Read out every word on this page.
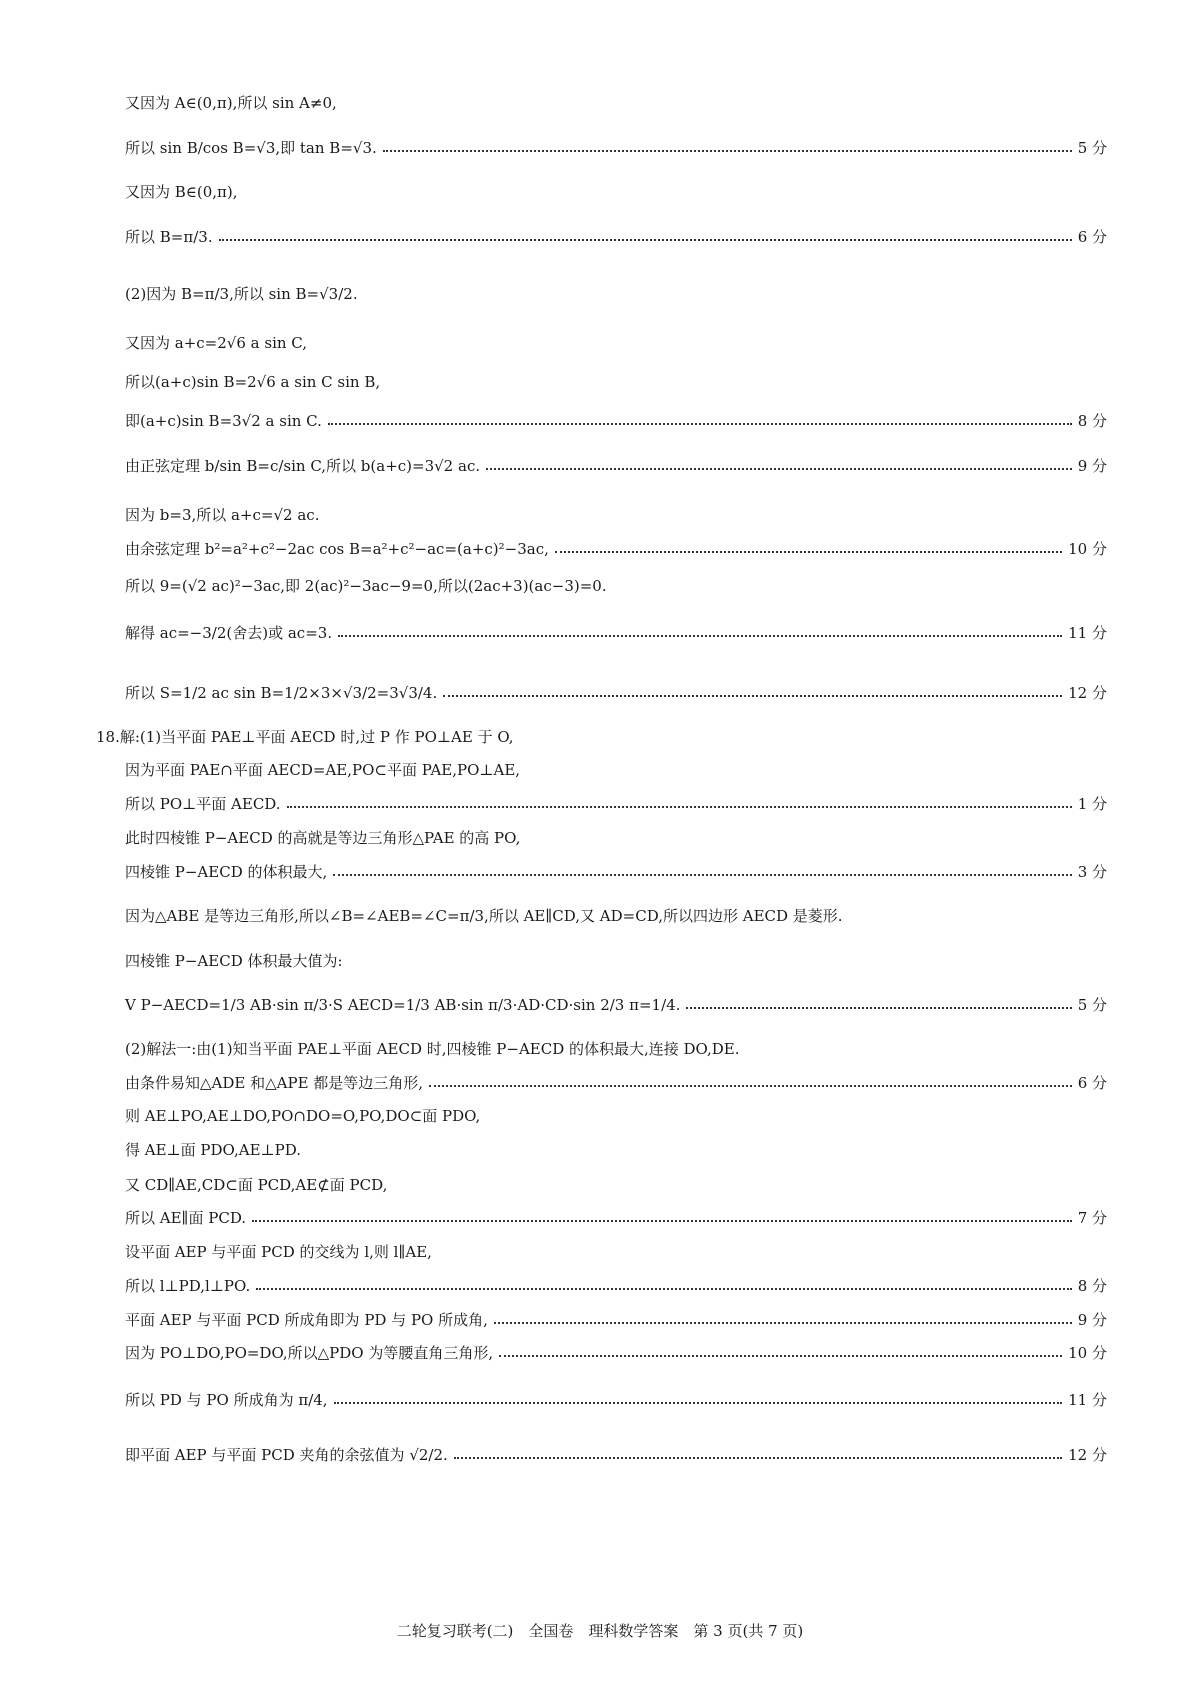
又因为 A∈(0,π),所以 sin A≠0,
所以 sin B/cos B=√3,即 tan B=√3.	5 分
又因为 B∈(0,π),
所以 B=π/3.	6 分
(2)因为 B=π/3,所以 sin B=√3/2.
又因为 a+c=2√6 a sin C,
所以(a+c)sin B=2√6 a sin C sin B,
即(a+c)sin B=3√2 a sin C.	8 分
由正弦定理 b/sin B=c/sin C,所以 b(a+c)=3√2 ac.	9 分
因为 b=3,所以 a+c=√2 ac.
由余弦定理 b²=a²+c²−2ac cos B=a²+c²−ac=(a+c)²−3ac,	10 分
所以 9=(√2 ac)²−3ac,即 2(ac)²−3ac−9=0,所以(2ac+3)(ac−3)=0.
解得 ac=−3/2(舍去)或 ac=3.	11 分
所以 S=1/2 ac sin B=1/2×3×√3/2=3√3/4.	12 分
18.解:(1)当平面 PAE⊥平面 AECD 时,过 P 作 PO⊥AE 于 O,
因为平面 PAE∩平面 AECD=AE,PO⊂平面 PAE,PO⊥AE,
所以 PO⊥平面 AECD.	1 分
此时四棱锥 P−AECD 的高就是等边三角形△PAE 的高 PO,
四棱锥 P−AECD 的体积最大,	3 分
因为△ABE 是等边三角形,所以∠B=∠AEB=∠C=π/3,所以 AE∥CD,又 AD=CD,所以四边形 AECD 是菱形.
四棱锥 P−AECD 体积最大值为:
V P−AECD=1/3 AB·sin π/3·S AECD=1/3 AB·sin π/3·AD·CD·sin 2/3 π=1/4.	5 分
(2)解法一:由(1)知当平面 PAE⊥平面 AECD 时,四棱锥 P−AECD 的体积最大,连接 DO,DE.
由条件易知△ADE 和△APE 都是等边三角形,	6 分
则 AE⊥PO,AE⊥DO,PO∩DO=O,PO,DO⊂面 PDO,
得 AE⊥面 PDO,AE⊥PD.
又 CD∥AE,CD⊂面 PCD,AE⊄面 PCD,
所以 AE∥面 PCD.	7 分
设平面 AEP 与平面 PCD 的交线为 l,则 l∥AE,
所以 l⊥PD,l⊥PO.	8 分
平面 AEP 与平面 PCD 所成角即为 PD 与 PO 所成角,	9 分
因为 PO⊥DO,PO=DO,所以△PDO 为等腰直角三角形,	10 分
所以 PD 与 PO 所成角为 π/4,	11 分
即平面 AEP 与平面 PCD 夹角的余弦值为 √2/2.	12 分
二轮复习联考(二)　全国卷　理科数学答案　第 3 页(共 7 页)
